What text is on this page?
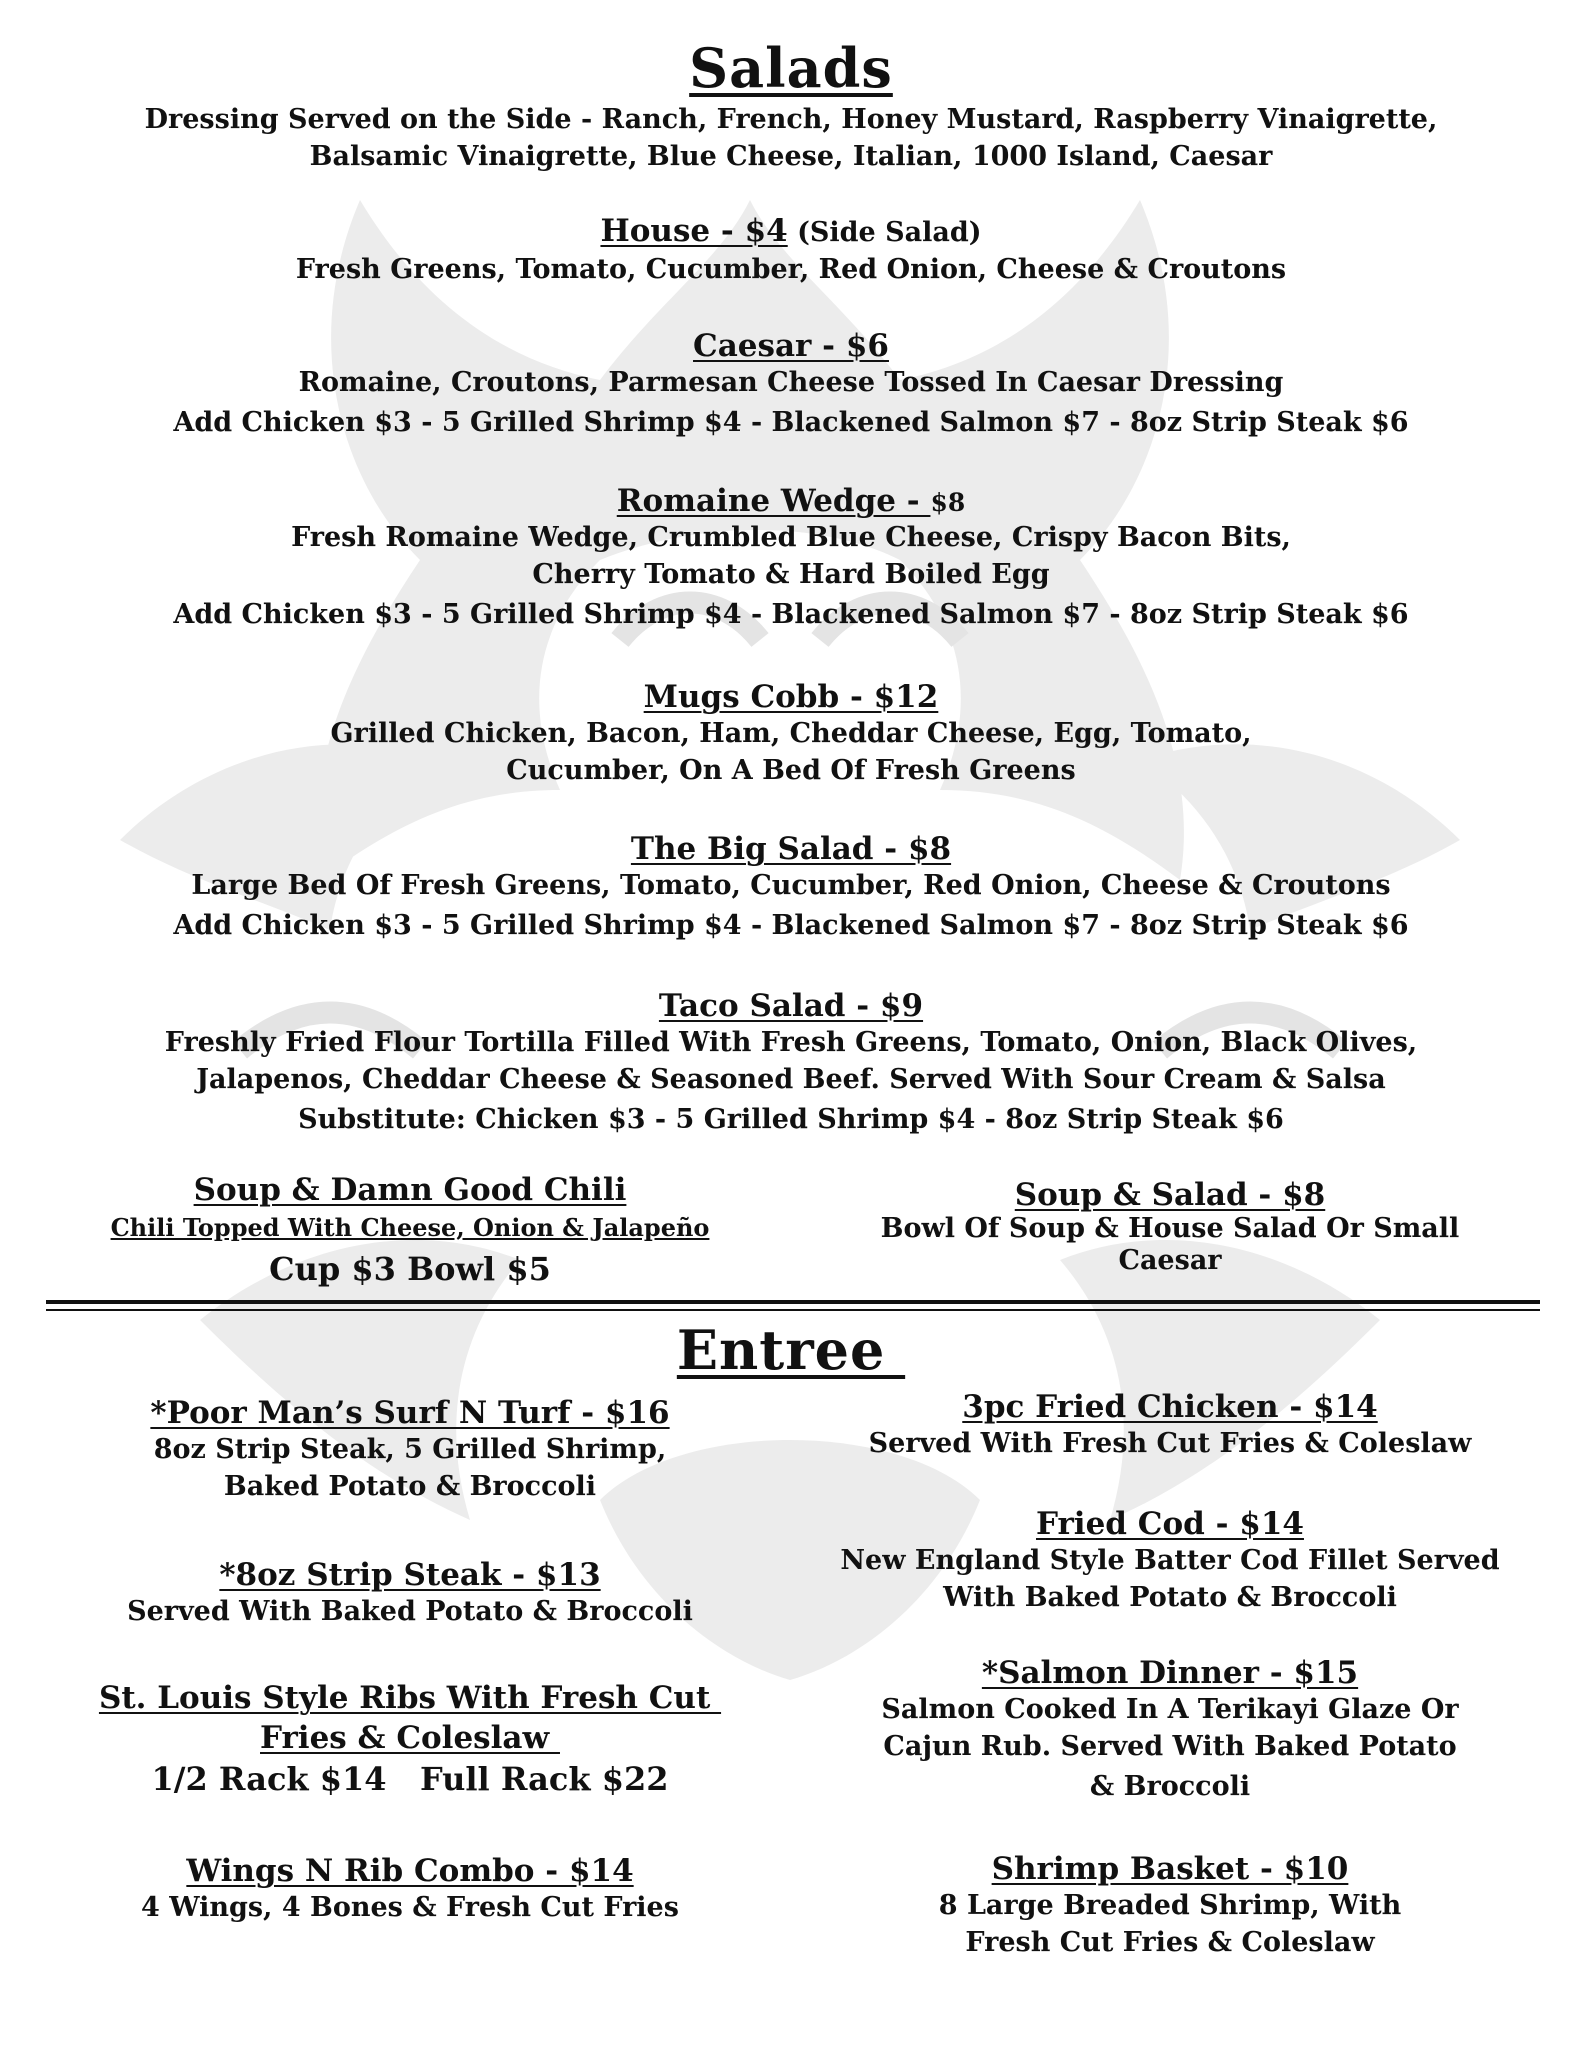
Salads
Dressing Served on the Side - Ranch, French, Honey Mustard, Raspberry Vinaigrette,
Balsamic Vinaigrette, Blue Cheese, Italian, 1000 Island, Caesar
House - $4 (Side Salad)
Fresh Greens, Tomato, Cucumber, Red Onion, Cheese & Croutons
Caesar - $6
Romaine, Croutons, Parmesan Cheese Tossed In Caesar Dressing
Add Chicken $3 - 5 Grilled Shrimp $4 - Blackened Salmon $7 - 8oz Strip Steak $6
Romaine Wedge - $8
Fresh Romaine Wedge, Crumbled Blue Cheese, Crispy Bacon Bits,
Cherry Tomato & Hard Boiled Egg
Add Chicken $3 - 5 Grilled Shrimp $4 - Blackened Salmon $7 - 8oz Strip Steak $6
Mugs Cobb - $12
Grilled Chicken, Bacon, Ham, Cheddar Cheese, Egg, Tomato,
Cucumber, On A Bed Of Fresh Greens
The Big Salad - $8
Large Bed Of Fresh Greens, Tomato, Cucumber, Red Onion, Cheese & Croutons
Add Chicken $3 - 5 Grilled Shrimp $4 - Blackened Salmon $7 - 8oz Strip Steak $6
Taco Salad - $9
Freshly Fried Flour Tortilla Filled With Fresh Greens, Tomato, Onion, Black Olives,
Jalapenos, Cheddar Cheese & Seasoned Beef. Served With Sour Cream & Salsa
Substitute: Chicken $3 - 5 Grilled Shrimp $4 - 8oz Strip Steak $6
Soup & Damn Good Chili
Chili Topped With Cheese, Onion & Jalapeño
Cup $3 Bowl $5
Soup & Salad - $8
Bowl Of Soup & House Salad Or Small
Caesar
Entree
*Poor Man’s Surf N Turf - $16
8oz Strip Steak, 5 Grilled Shrimp,
Baked Potato & Broccoli
*8oz Strip Steak - $13
Served With Baked Potato & Broccoli
St. Louis Style Ribs With Fresh Cut  Fries & Coleslaw
1/2 Rack $14   Full Rack $22
Wings N Rib Combo - $14
4 Wings, 4 Bones & Fresh Cut Fries
3pc Fried Chicken - $14
Served With Fresh Cut Fries & Coleslaw
Fried Cod - $14
New England Style Batter Cod Fillet Served
With Baked Potato & Broccoli
*Salmon Dinner - $15
Salmon Cooked In A Terikayi Glaze Or
Cajun Rub. Served With Baked Potato
& Broccoli
Shrimp Basket - $10
8 Large Breaded Shrimp, With
Fresh Cut Fries & Coleslaw
